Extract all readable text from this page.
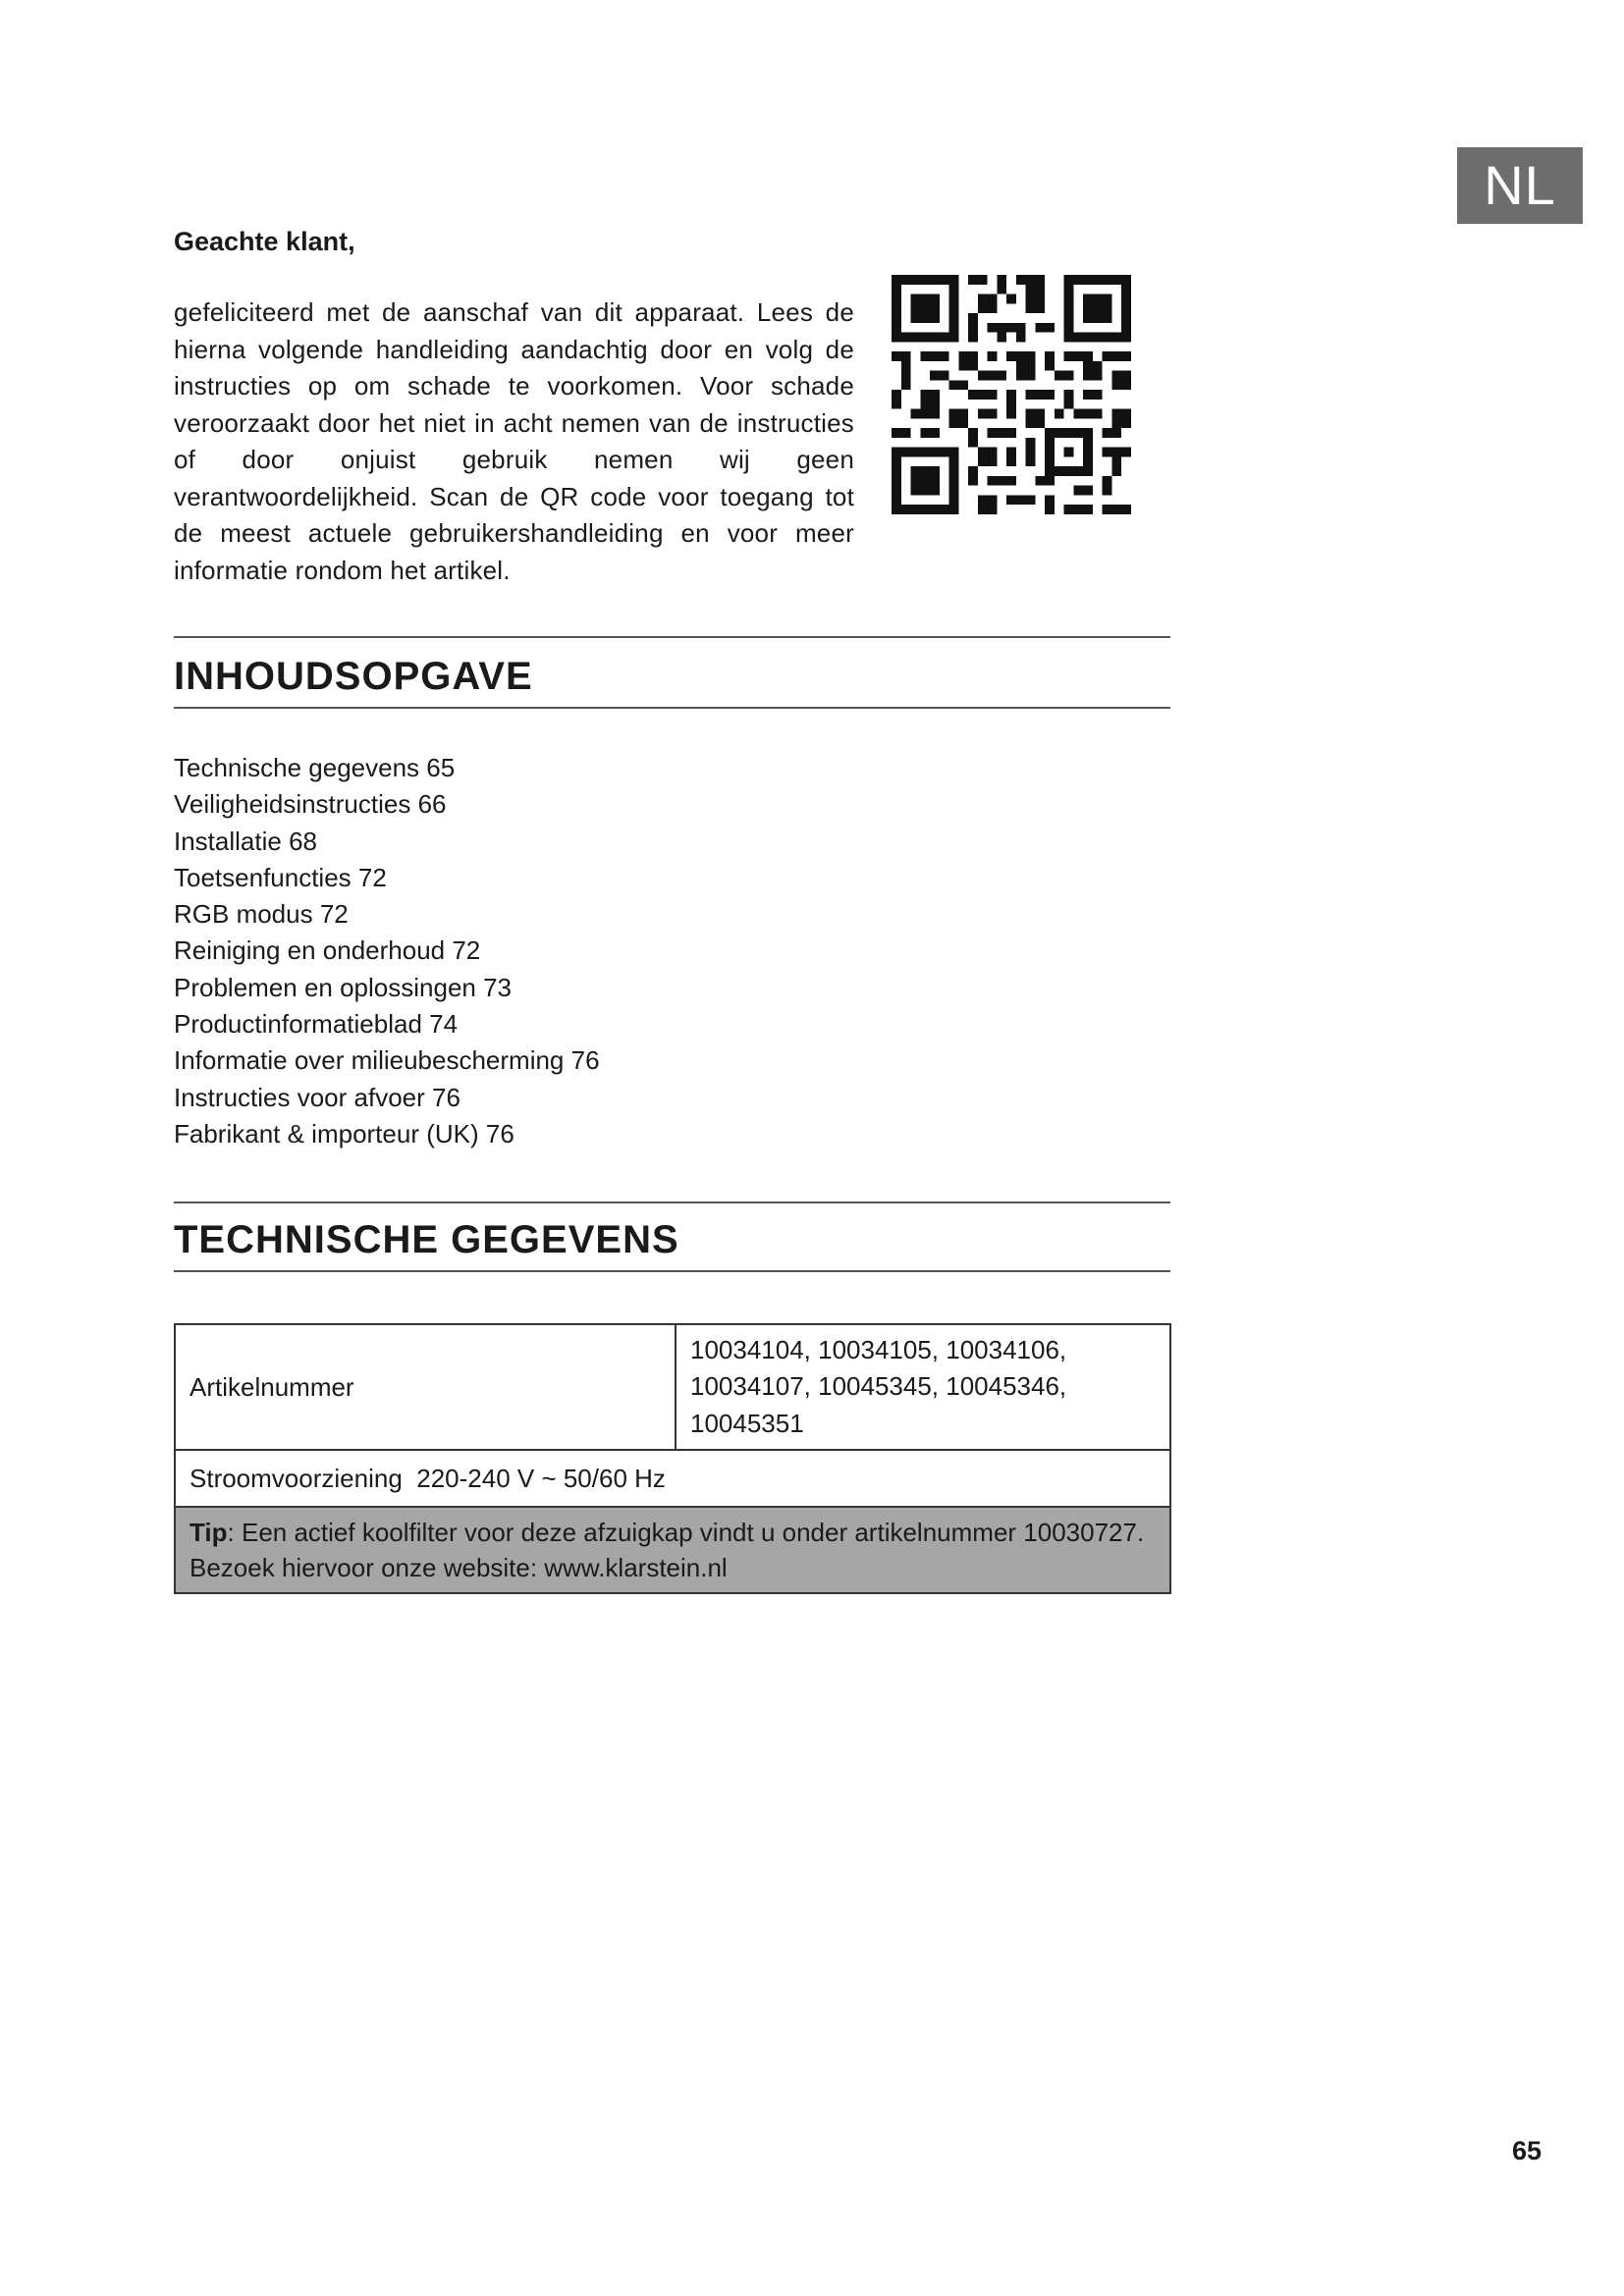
NL

Geachte klant,

gefeliciteerd met de aanschaf van dit apparaat. Lees de hierna volgende handleiding aandachtig door en volg de instructies op om schade te voorkomen. Voor schade veroorzaakt door het niet in acht nemen van de instructies of door onjuist gebruik nemen wij geen verantwoordelijkheid. Scan de QR code voor toegang tot de meest actuele gebruikershandleiding en voor meer informatie rondom het artikel.

INHOUDSOPGAVE
Technische gegevens 65
Veiligheidsinstructies 66
Installatie 68
Toetsenfuncties 72
RGB modus 72
Reiniging en onderhoud 72
Problemen en oplossingen 73
Productinformatieblad 74
Informatie over milieubescherming 76
Instructies voor afvoer 76
Fabrikant & importeur (UK) 76
TECHNISCHE GEGEVENS
Artikelnummer	10034104, 10034105, 10034106, 10034107, 10045345, 10045346, 10045351
Stroomvoorziening 220-240 V ~ 50/60 Hz
Tip: Een actief koolfilter voor deze afzuigkap vindt u onder artikelnummer 10030727. Bezoek hiervoor onze website: www.klarstein.nl

65
